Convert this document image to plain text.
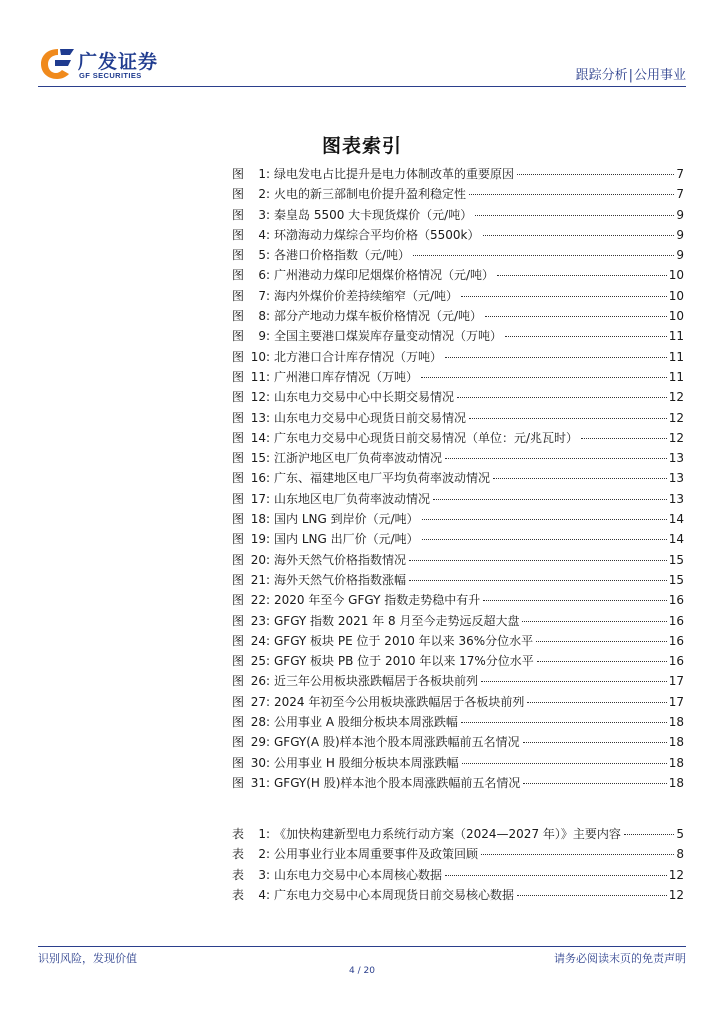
广发证券
GF SECURITIES	跟踪分析|公用事业
图表索引
图 1: 绿电发电占比提升是电力体制改革的重要原因	7
图 2: 火电的新三部制电价提升盈利稳定性	7
图 3: 秦皇岛 5500 大卡现货煤价（元/吨）	9
图 4: 环渤海动力煤综合平均价格（5500k）	9
图 5: 各港口价格指数（元/吨）	9
图 6: 广州港动力煤印尼烟煤价格情况（元/吨）	10
图 7: 海内外煤价价差持续缩窄（元/吨）	10
图 8: 部分产地动力煤车板价格情况（元/吨）	10
图 9: 全国主要港口煤炭库存量变动情况（万吨）	11
图 10: 北方港口合计库存情况（万吨）	11
图 11: 广州港口库存情况（万吨）	11
图 12: 山东电力交易中心中长期交易情况	12
图 13: 山东电力交易中心现货日前交易情况	12
图 14: 广东电力交易中心现货日前交易情况（单位：元/兆瓦时）	12
图 15: 江浙沪地区电厂负荷率波动情况	13
图 16: 广东、福建地区电厂平均负荷率波动情况	13
图 17: 山东地区电厂负荷率波动情况	13
图 18: 国内 LNG 到岸价（元/吨）	14
图 19: 国内 LNG 出厂价（元/吨）	14
图 20: 海外天然气价格指数情况	15
图 21: 海外天然气价格指数涨幅	15
图 22: 2020 年至今 GFGY 指数走势稳中有升	16
图 23: GFGY 指数 2021 年 8 月至今走势远反超大盘	16
图 24: GFGY 板块 PE 位于 2010 年以来 36%分位水平	16
图 25: GFGY 板块 PB 位于 2010 年以来 17%分位水平	16
图 26: 近三年公用板块涨跌幅居于各板块前列	17
图 27: 2024 年初至今公用板块涨跌幅居于各板块前列	17
图 28: 公用事业 A 股细分板块本周涨跌幅	18
图 29: GFGY(A 股)样本池个股本周涨跌幅前五名情况	18
图 30: 公用事业 H 股细分板块本周涨跌幅	18
图 31: GFGY(H 股)样本池个股本周涨跌幅前五名情况	18
表 1: 《加快构建新型电力系统行动方案（2024—2027 年）》主要内容	5
表 2: 公用事业行业本周重要事件及政策回顾	8
表 3: 山东电力交易中心本周核心数据	12
表 4: 广东电力交易中心本周现货日前交易核心数据	12
识别风险，发现价值	请务必阅读末页的免责声明
4 / 20
